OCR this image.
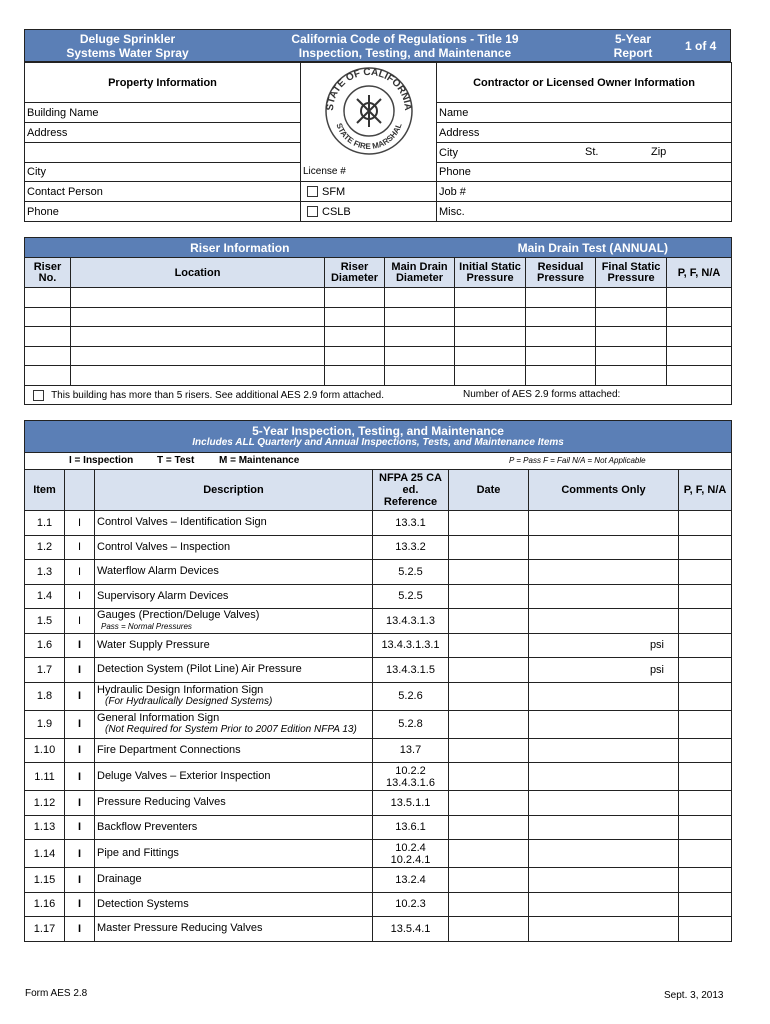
Deluge Sprinkler
Systems Water Spray
California Code of Regulations - Title 19
Inspection, Testing, and Maintenance
5-Year
Report	1 of 4
Property Information	STATE OF CALIFORNIA
STATE FIRE MARSHAL	Contractor or Licensed Owner Information
Building Name		Name
Address		Address
		City St. Zip

City	License #	Phone
Contact Person	SFM	Job #
Phone	CSLB	Misc.
Riser Information				Main Drain Test (ANNUAL)			
Riser No.	Location	Riser Diameter	Main Drain Diameter	Initial Static Pressure	Residual Pressure	Final Static Pressure	P, F, N/A

This building has more than 5 risers. See additional AES 2.9 form attached. Number of AES 2.9 forms attached:							
5-Year Inspection, Testing, and Maintenance
Includes ALL Quarterly and Annual Inspections, Tests, and Maintenance Items						

I = Inspection T = Test M = Maintenance P = Pass F = Fail N/A = Not Applicable						

Item		Description	NFPA 25 CA
ed.
Reference	Date	Comments Only	P, F, N/A
1.1	I	Control Valves – Identification Sign	13.3.1			

1.2	I	Control Valves – Inspection	13.3.2			

1.3	I	Waterflow Alarm Devices	5.2.5			

1.4	I	Supervisory Alarm Devices	5.2.5			

1.5	I	Gauges (Prection/Deluge Valves)
Pass = Normal Pressures	13.4.3.1.3			

1.6	I	Water Supply Pressure	13.4.3.1.3.1		psi	
1.7	I	Detection System (Pilot Line) Air Pressure	13.4.3.1.5		psi	
1.8	I	Hydraulic Design Information Sign
(For Hydraulically Designed Systems)	5.2.6			

1.9	I	General Information Sign
(Not Required for System Prior to 2007 Edition NFPA 13)	5.2.8			

1.10	I	Fire Department Connections	13.7			

1.11	I	Deluge Valves – Exterior Inspection	10.2.2
13.4.3.1.6			

1.12	I	Pressure Reducing Valves	13.5.1.1			

1.13	I	Backflow Preventers	13.6.1			

1.14	I	Pipe and Fittings	10.2.4
10.2.4.1			

1.15	I	Drainage	13.2.4			

1.16	I	Detection Systems	10.2.3			

1.17	I	Master Pressure Reducing Valves	13.5.4.1			

Form AES 2.8	Sept. 3, 2013
